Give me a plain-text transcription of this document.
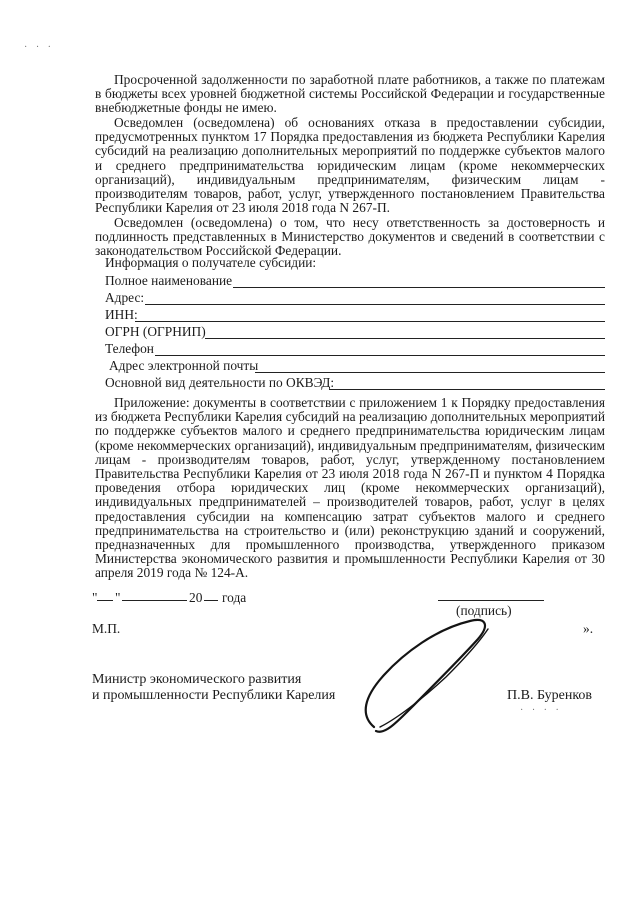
· · ·

Просроченной задолженности по заработной плате работников, а также по платежам в бюджеты всех уровней бюджетной системы Российской Федерации и государственные внебюджетные фонды не имею.

Осведомлен (осведомлена) об основаниях отказа в предоставлении субсидии, предусмотренных пунктом 17 Порядка предоставления из бюджета Республики Карелия субсидий на реализацию дополнительных мероприятий по поддержке субъектов малого и среднего предпринимательства юридическим лицам (кроме некоммерческих организаций), индивидуальным предпринимателям, физическим лицам - производителям товаров, работ, услуг, утвержденного постановлением Правительства Республики Карелия от 23 июля 2018 года N 267-П.

Осведомлен (осведомлена) о том, что несу ответственность за достоверность и подлинность представленных в Министерство документов и сведений в соответствии с законодательством Российской Федерации.

Информация о получателе субсидии:
Полное наименование
Адрес:
ИНН:
ОГРН (ОГРНИП)
Телефон
Адрес электронной почты
Основной вид деятельности по ОКВЭД:

Приложение: документы в соответствии с приложением 1 к Порядку предоставления из бюджета Республики Карелия субсидий на реализацию дополнительных мероприятий по поддержке субъектов малого и среднего предпринимательства юридическим лицам (кроме некоммерческих организаций), индивидуальным предпринимателям, физическим лицам - производителям товаров, работ, услуг, утвержденному постановлением Правительства Республики Карелия от 23 июля 2018 года N 267-П и пунктом 4 Порядка проведения отбора юридических лиц (кроме некоммерческих организаций), индивидуальных предпринимателей – производителей товаров, работ, услуг в целях предоставления субсидии на компенсацию затрат субъектов малого и среднего предпринимательства на строительство и (или) реконструкцию зданий и сооружений, предназначенных для промышленного производства, утвержденного приказом Министерства экономического развития и промышленности Республики Карелия от 30 апреля 2019 года № 124-А.

" "	20 года
(подпись)
М.П.	».
Министр экономического развития
и промышленности Республики Карелия	П.В. Буренков
· · · ·
